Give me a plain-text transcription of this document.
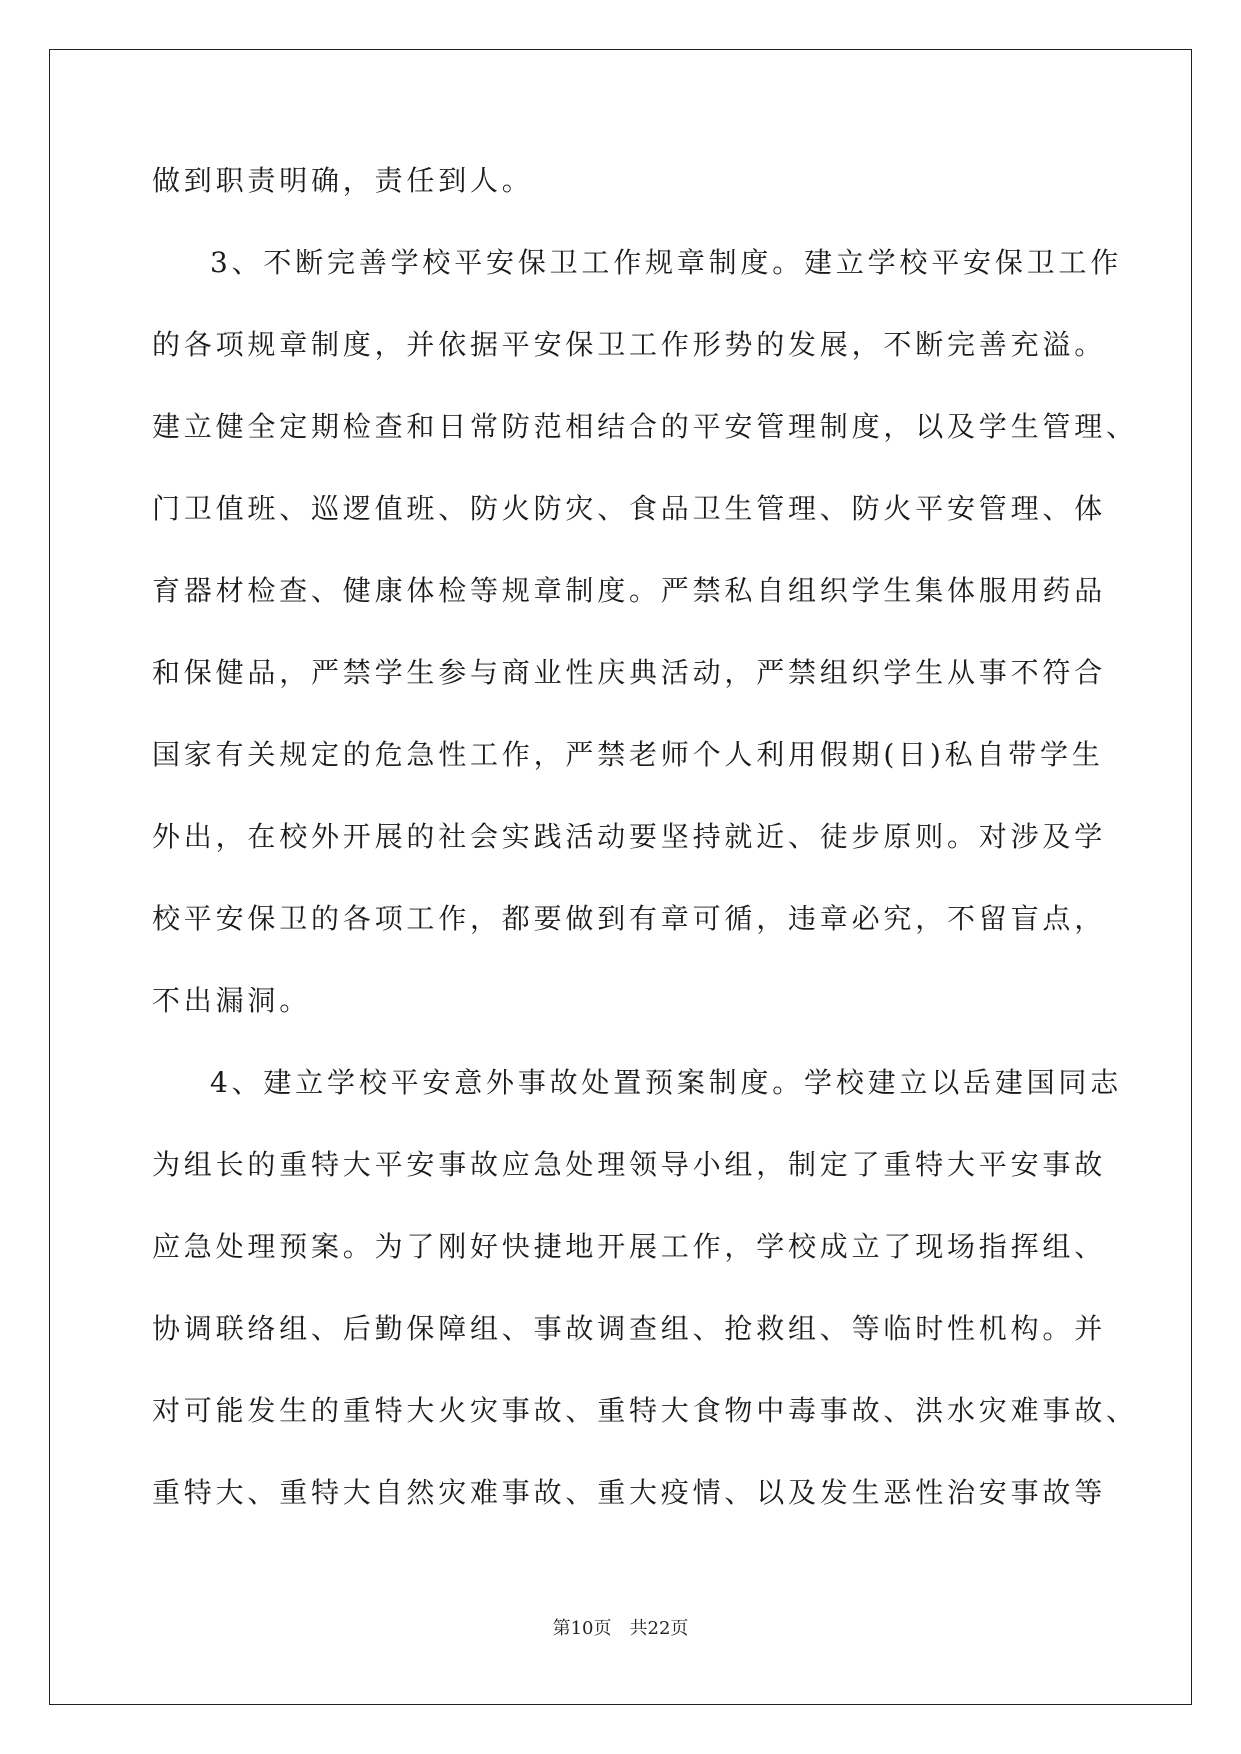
做到职责明确，责任到人。
3、不断完善学校平安保卫工作规章制度。建立学校平安保卫工作
的各项规章制度，并依据平安保卫工作形势的发展，不断完善充溢。
建立健全定期检查和日常防范相结合的平安管理制度，以及学生管理、
门卫值班、巡逻值班、防火防灾、食品卫生管理、防火平安管理、体
育器材检查、健康体检等规章制度。严禁私自组织学生集体服用药品
和保健品，严禁学生参与商业性庆典活动，严禁组织学生从事不符合
国家有关规定的危急性工作，严禁老师个人利用假期(日)私自带学生
外出，在校外开展的社会实践活动要坚持就近、徒步原则。对涉及学
校平安保卫的各项工作，都要做到有章可循，违章必究，不留盲点，
不出漏洞。
4、建立学校平安意外事故处置预案制度。学校建立以岳建国同志
为组长的重特大平安事故应急处理领导小组，制定了重特大平安事故
应急处理预案。为了刚好快捷地开展工作，学校成立了现场指挥组、
协调联络组、后勤保障组、事故调查组、抢救组、等临时性机构。并
对可能发生的重特大火灾事故、重特大食物中毒事故、洪水灾难事故、
重特大、重特大自然灾难事故、重大疫情、以及发生恶性治安事故等
第10页 共22页
